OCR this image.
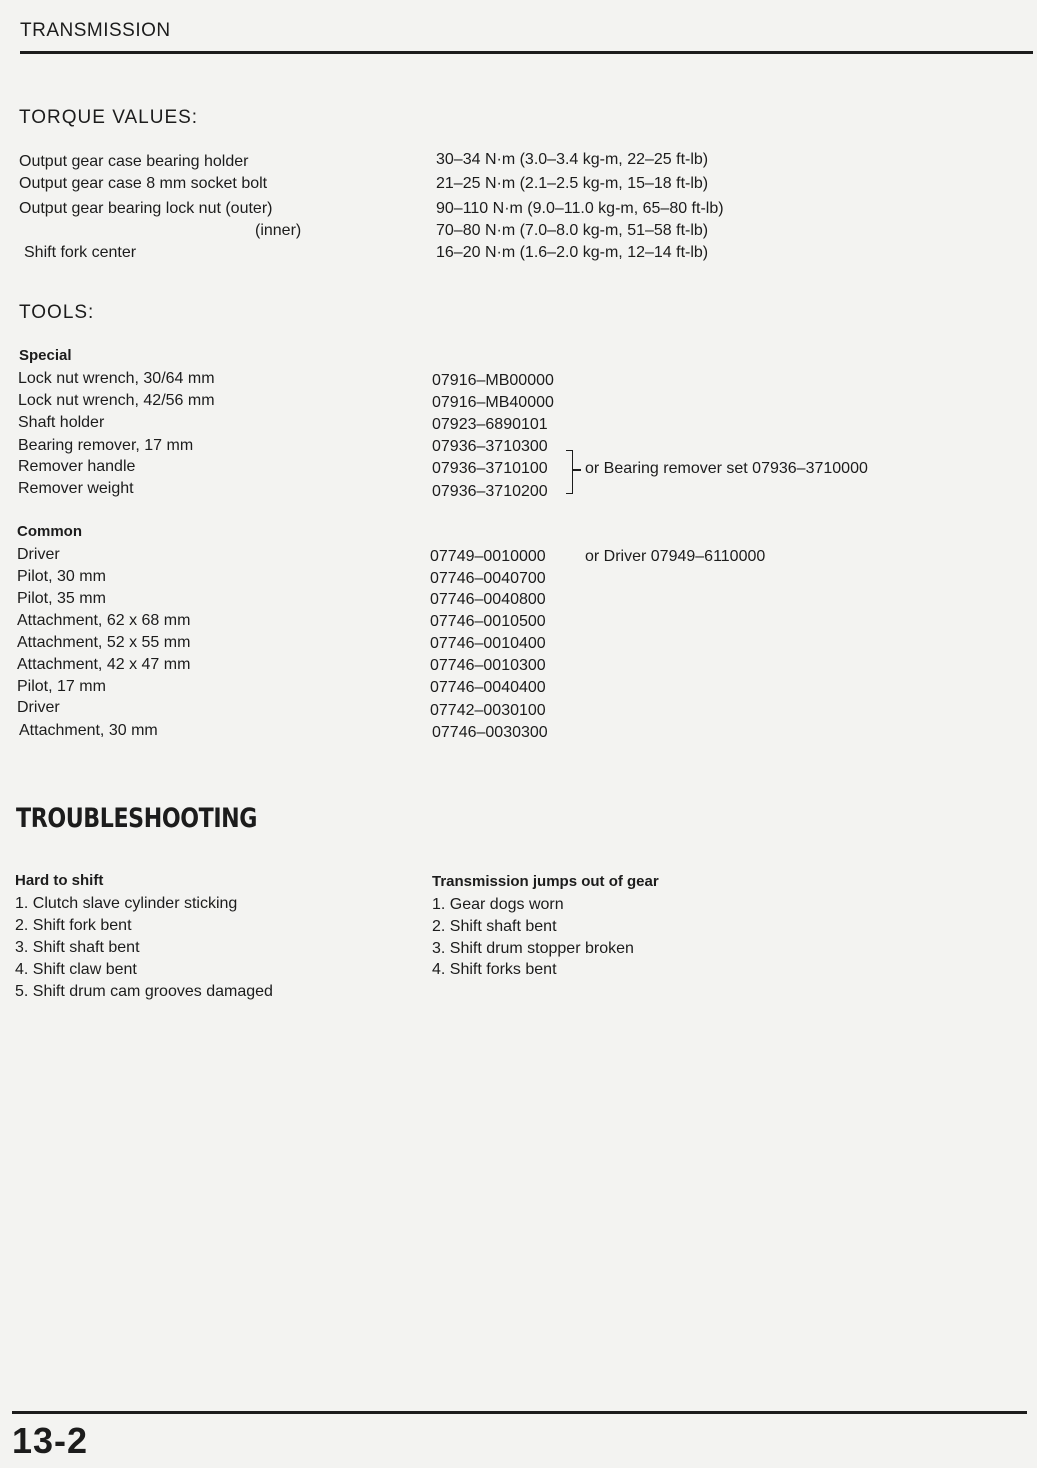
TRANSMISSION
TORQUE VALUES:
Output gear case bearing holder	30–34 N·m (3.0–3.4 kg-m, 22–25 ft-lb)
Output gear case 8 mm socket bolt	21–25 N·m (2.1–2.5 kg-m, 15–18 ft-lb)
Output gear bearing lock nut (outer)	90–110 N·m (9.0–11.0 kg-m, 65–80 ft-lb)
(inner)	70–80 N·m (7.0–8.0 kg-m, 51–58 ft-lb)
Shift fork center	16–20 N·m (1.6–2.0 kg-m, 12–14 ft-lb)
TOOLS:
Special
Lock nut wrench, 30/64 mm	07916–MB00000
Lock nut wrench, 42/56 mm	07916–MB40000
Shaft holder	07923–6890101
Bearing remover, 17 mm	07936–3710300
Remover handle	07936–3710100
Remover weight	07936–3710200
or Bearing remover set 07936–3710000
Common
Driver	07749–0010000 or Driver 07949–6110000
Pilot, 30 mm	07746–0040700
Pilot, 35 mm	07746–0040800
Attachment, 62 x 68 mm	07746–0010500
Attachment, 52 x 55 mm	07746–0010400
Attachment, 42 x 47 mm	07746–0010300
Pilot, 17 mm	07746–0040400
Driver	07742–0030100
Attachment, 30 mm	07746–0030300
TROUBLESHOOTING
Hard to shift
1. Clutch slave cylinder sticking
2. Shift fork bent
3. Shift shaft bent
4. Shift claw bent
5. Shift drum cam grooves damaged
Transmission jumps out of gear
1. Gear dogs worn
2. Shift shaft bent
3. Shift drum stopper broken
4. Shift forks bent
13-2
